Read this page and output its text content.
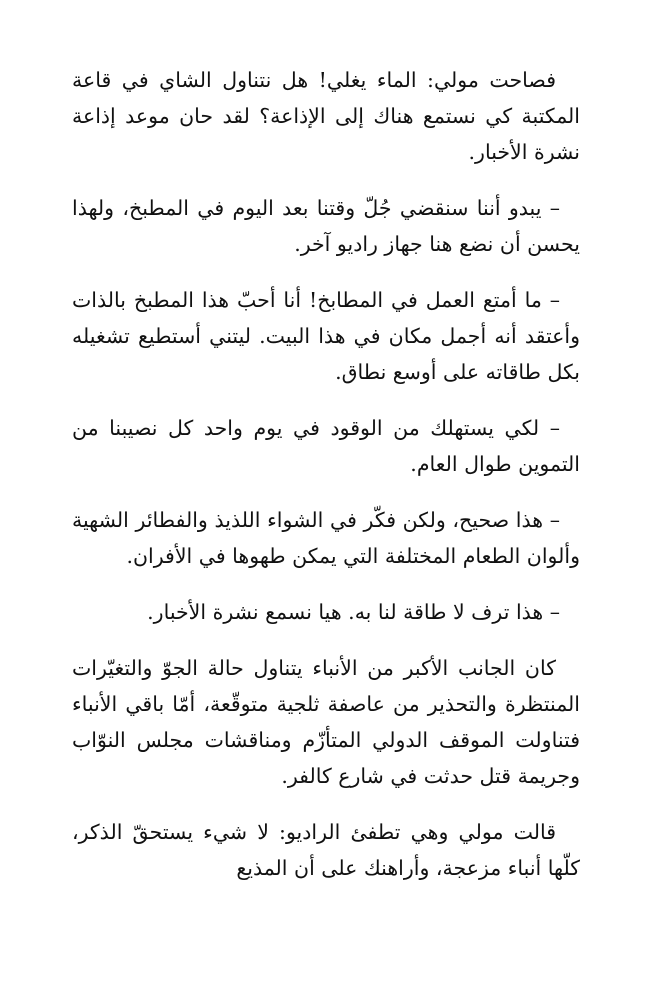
فصاحت مولي: الماء يغلي! هل نتناول الشاي في قاعة المكتبة كي نستمع هناك إلى الإذاعة؟ لقد حان موعد إذاعة نشرة الأخبار.

– يبدو أننا سنقضي جُلّ وقتنا بعد اليوم في المطبخ، ولهذا يحسن أن نضع هنا جهاز راديو آخر.

– ما أمتع العمل في المطابخ! أنا أحبّ هذا المطبخ بالذات وأعتقد أنه أجمل مكان في هذا البيت. ليتني أستطيع تشغيله بكل طاقاته على أوسع نطاق.

– لكي يستهلك من الوقود في يوم واحد كل نصيبنا من التموين طوال العام.

– هذا صحيح، ولكن فكّر في الشواء اللذيذ والفطائر الشهية وألوان الطعام المختلفة التي يمكن طهوها في الأفران.

– هذا ترف لا طاقة لنا به. هيا نسمع نشرة الأخبار.

كان الجانب الأكبر من الأنباء يتناول حالة الجوّ والتغيّرات المنتظرة والتحذير من عاصفة ثلجية متوقّعة، أمّا باقي الأنباء فتناولت الموقف الدولي المتأزّم ومناقشات مجلس النوّاب وجريمة قتل حدثت في شارع كالفر.

قالت مولي وهي تطفئ الراديو: لا شيء يستحقّ الذكر، كلّها أنباء مزعجة، وأراهنك على أن المذيع
